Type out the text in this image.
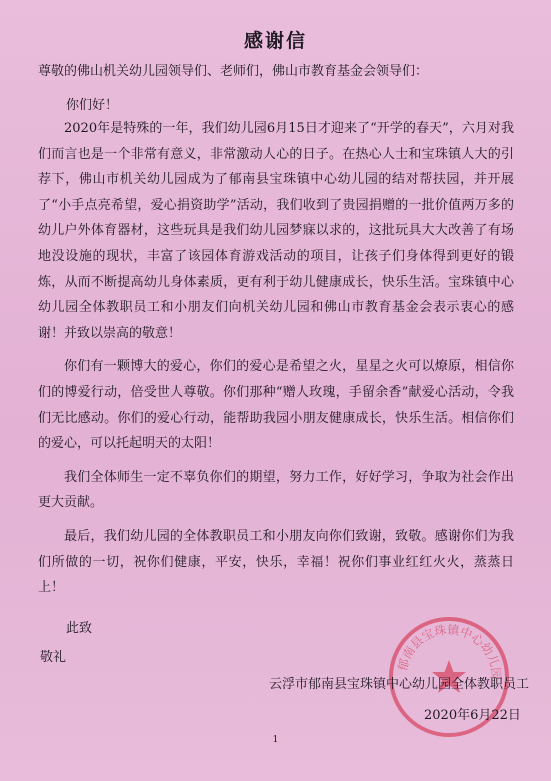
感谢信
尊敬的佛山机关幼儿园领导们、老师们，佛山市教育基金会领导们：
你们好！

2020年是特殊的一年，我们幼儿园6月15日才迎来了“开学的春天”，六月对我们而言也是一个非常有意义，非常激动人心的日子。在热心人士和宝珠镇人大的引荐下，佛山市机关幼儿园成为了郁南县宝珠镇中心幼儿园的结对帮扶园，并开展了“小手点亮希望，爱心捐资助学”活动，我们收到了贵园捐赠的一批价值两万多的幼儿户外体育器材，这些玩具是我们幼儿园梦寐以求的，这批玩具大大改善了有场地没设施的现状，丰富了该园体育游戏活动的项目，让孩子们身体得到更好的锻炼，从而不断提高幼儿身体素质，更有利于幼儿健康成长，快乐生活。宝珠镇中心幼儿园全体教职员工和小朋友们向机关幼儿园和佛山市教育基金会表示衷心的感谢！并致以崇高的敬意！

你们有一颗博大的爱心，你们的爱心是希望之火，星星之火可以燎原，相信你们的博爱行动，倍受世人尊敬。你们那种“赠人玫瑰，手留余香”献爱心活动，令我们无比感动。你们的爱心行动，能帮助我园小朋友健康成长，快乐生活。相信你们的爱心，可以托起明天的太阳！

我们全体师生一定不辜负你们的期望，努力工作，好好学习，争取为社会作出更大贡献。

最后，我们幼儿园的全体教职员工和小朋友向你们致谢，致敬。感谢你们为我们所做的一切，祝你们健康，平安，快乐，幸福！祝你们事业红红火火，蒸蒸日上！

此致
敬礼	郁南县宝珠镇中心幼儿园
云浮市郁南县宝珠镇中心幼儿园全体教职员工
2020年6月22日
1
